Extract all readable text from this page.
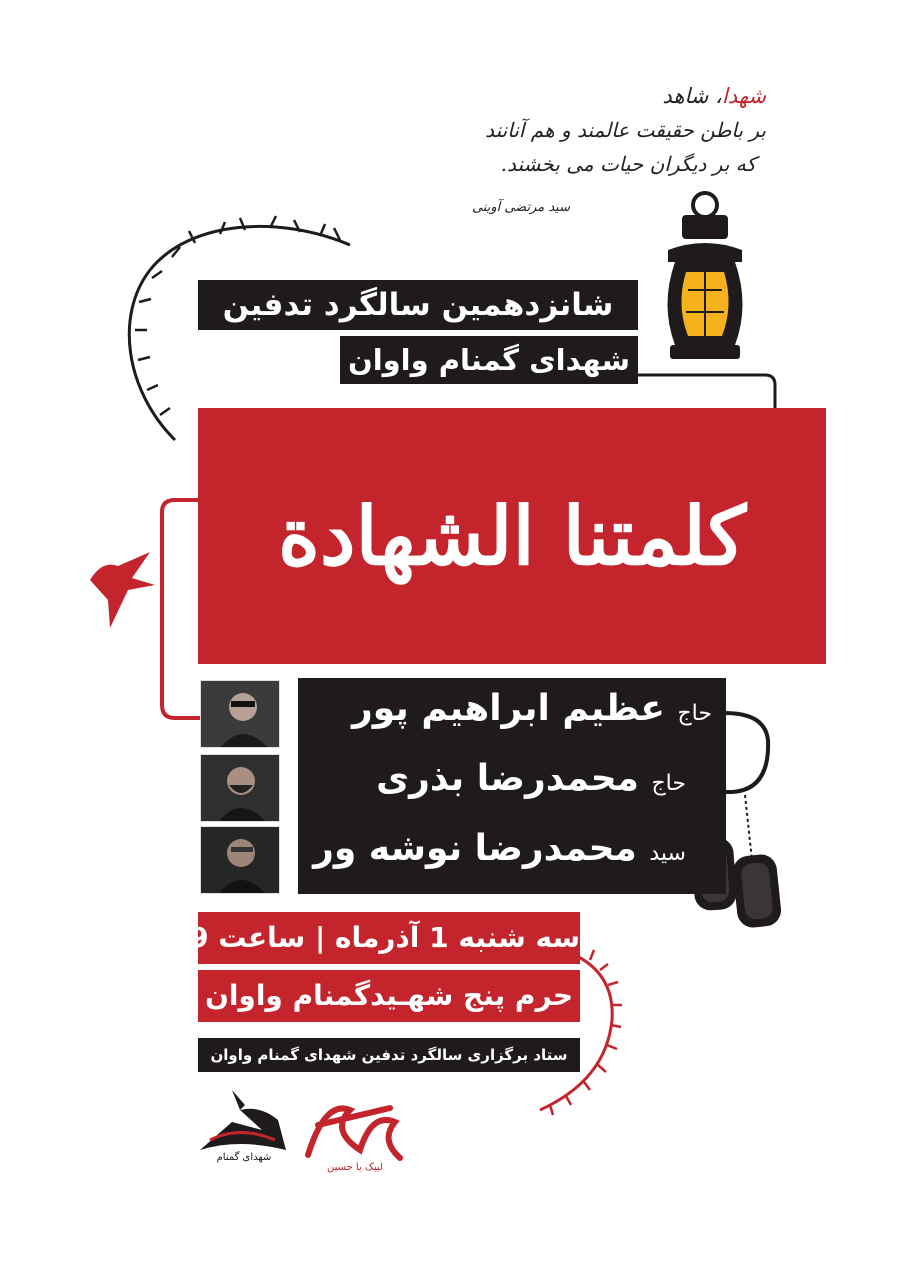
شهدا، شاهد
بر باطن حقیقت عالمند و هم آنانند
که بر دیگران حیات می بخشند.
سید مرتضی آوینی
شانزدهمین سالگرد تدفین
شهدای گمنام واوان
کلمتنا الشهادة
حاج عظیم ابراهیم پور
حاج محمدرضا بذری
سید محمدرضا نوشه ور
سه شنبه 1 آذرماه | ساعت 19
حرم پنج شهـیدگمنام واوان
ستاد برگزاری سالگرد تدفین شهدای گمنام واوان
شهدای گمنام
لبیک یا حسین
